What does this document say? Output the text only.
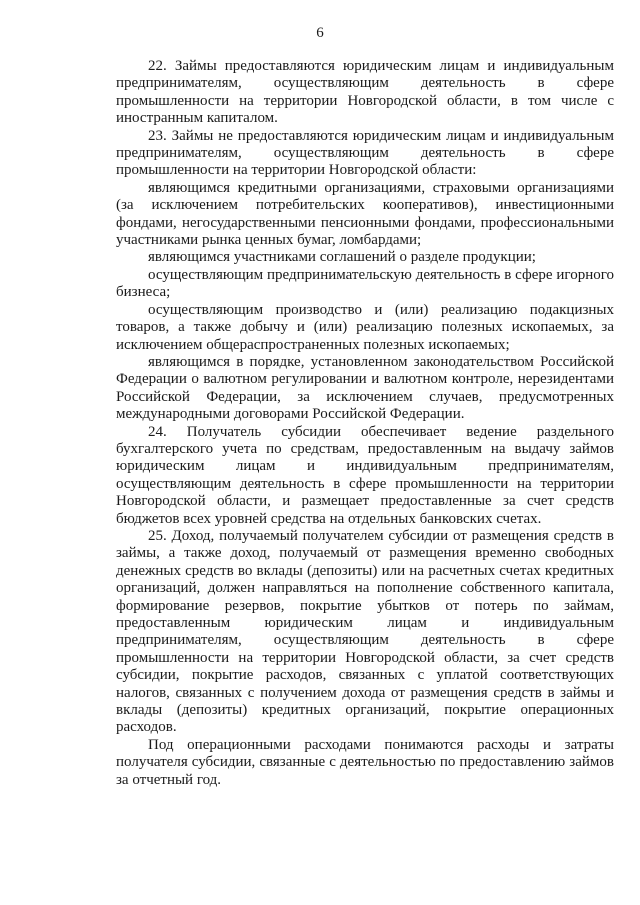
6

22. Займы предоставляются юридическим лицам и индивидуальным предпринимателям, осуществляющим деятельность в сфере промышленности на территории Новгородской области, в том числе с иностранным капиталом.

23. Займы не предоставляются юридическим лицам и индивидуальным предпринимателям, осуществляющим деятельность в сфере промышленности на территории Новгородской области:

являющимся кредитными организациями, страховыми организациями (за исключением потребительских кооперативов), инвестиционными фондами, негосударственными пенсионными фондами, профессиональными участниками рынка ценных бумаг, ломбардами;

являющимся участниками соглашений о разделе продукции;

осуществляющим предпринимательскую деятельность в сфере игорного бизнеса;

осуществляющим производство и (или) реализацию подакцизных товаров, а также добычу и (или) реализацию полезных ископаемых, за исключением общераспространенных полезных ископаемых;

являющимся в порядке, установленном законодательством Российской Федерации о валютном регулировании и валютном контроле, нерезидентами Российской Федерации, за исключением случаев, предусмотренных международными договорами Российской Федерации.

24. Получатель субсидии обеспечивает ведение раздельного бухгалтерского учета по средствам, предоставленным на выдачу займов юридическим лицам и индивидуальным предпринимателям, осуществляющим деятельность в сфере промышленности на территории Новгородской области, и размещает предоставленные за счет средств бюджетов всех уровней средства на отдельных банковских счетах.

25. Доход, получаемый получателем субсидии от размещения средств в займы, а также доход, получаемый от размещения временно свободных денежных средств во вклады (депозиты) или на расчетных счетах кредитных организаций, должен направляться на пополнение собственного капитала, формирование резервов, покрытие убытков от потерь по займам, предоставленным юридическим лицам и индивидуальным предпринимателям, осуществляющим деятельность в сфере промышленности на территории Новгородской области, за счет средств субсидии, покрытие расходов, связанных с уплатой соответствующих налогов, связанных с получением дохода от размещения средств в займы и вклады (депозиты) кредитных организаций, покрытие операционных расходов.

Под операционными расходами понимаются расходы и затраты получателя субсидии, связанные с деятельностью по предоставлению займов за отчетный год.
